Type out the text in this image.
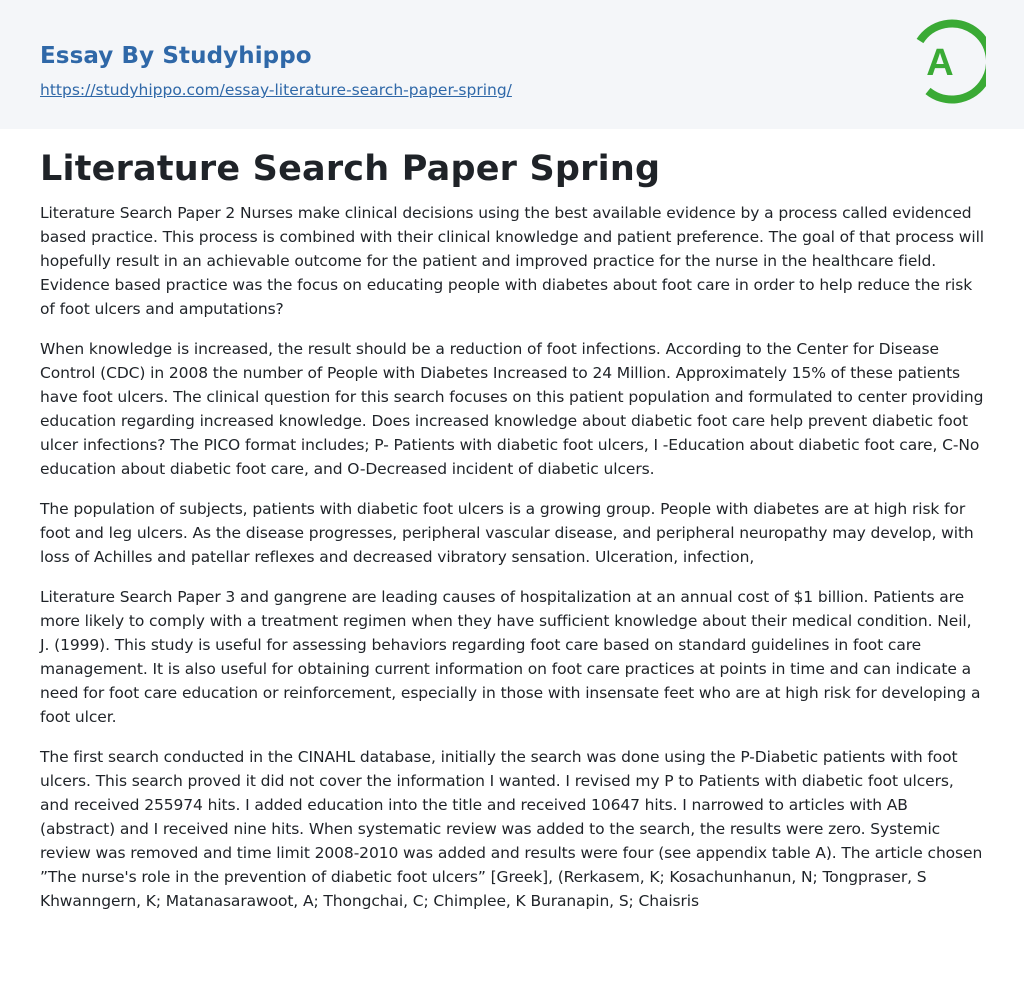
Essay By Studyhippo
https://studyhippo.com/essay-literature-search-paper-spring/
A
Literature Search Paper Spring

Literature Search Paper 2 Nurses make clinical decisions using the best available evidence by a process called evidenced based practice. This process is combined with their clinical knowledge and patient preference. The goal of that process will hopefully result in an achievable outcome for the patient and improved practice for the nurse in the healthcare field. Evidence based practice was the focus on educating people with diabetes about foot care in order to help reduce the risk of foot ulcers and amputations?

When knowledge is increased, the result should be a reduction of foot infections. According to the Center for Disease Control (CDC) in 2008 the number of People with Diabetes Increased to 24 Million. Approximately 15% of these patients have foot ulcers. The clinical question for this search focuses on this patient population and formulated to center providing education regarding increased knowledge. Does increased knowledge about diabetic foot care help prevent diabetic foot ulcer infections? The PICO format includes; P- Patients with diabetic foot ulcers, I -Education about diabetic foot care, C-No education about diabetic foot care, and O-Decreased incident of diabetic ulcers.

The population of subjects, patients with diabetic foot ulcers is a growing group. People with diabetes are at high risk for foot and leg ulcers. As the disease progresses, peripheral vascular disease, and peripheral neuropathy may develop, with loss of Achilles and patellar reflexes and decreased vibratory sensation. Ulceration, infection,

Literature Search Paper 3 and gangrene are leading causes of hospitalization at an annual cost of $1 billion. Patients are more likely to comply with a treatment regimen when they have sufficient knowledge about their medical condition. Neil, J. (1999). This study is useful for assessing behaviors regarding foot care based on standard guidelines in foot care management. It is also useful for obtaining current information on foot care practices at points in time and can indicate a need for foot care education or reinforcement, especially in those with insensate feet who are at high risk for developing a foot ulcer.

The first search conducted in the CINAHL database, initially the search was done using the P-Diabetic patients with foot ulcers. This search proved it did not cover the information I wanted. I revised my P to Patients with diabetic foot ulcers, and received 255974 hits. I added education into the title and received 10647 hits. I narrowed to articles with AB (abstract) and I received nine hits. When systematic review was added to the search, the results were zero. Systemic review was removed and time limit 2008-2010 was added and results were four (see appendix table A). The article chosen ”The nurse's role in the prevention of diabetic foot ulcers” [Greek], (Rerkasem, K; Kosachunhanun, N; Tongpraser, S Khwanngern, K; Matanasarawoot, A; Thongchai, C; Chimplee, K Buranapin, S; Chaisris
